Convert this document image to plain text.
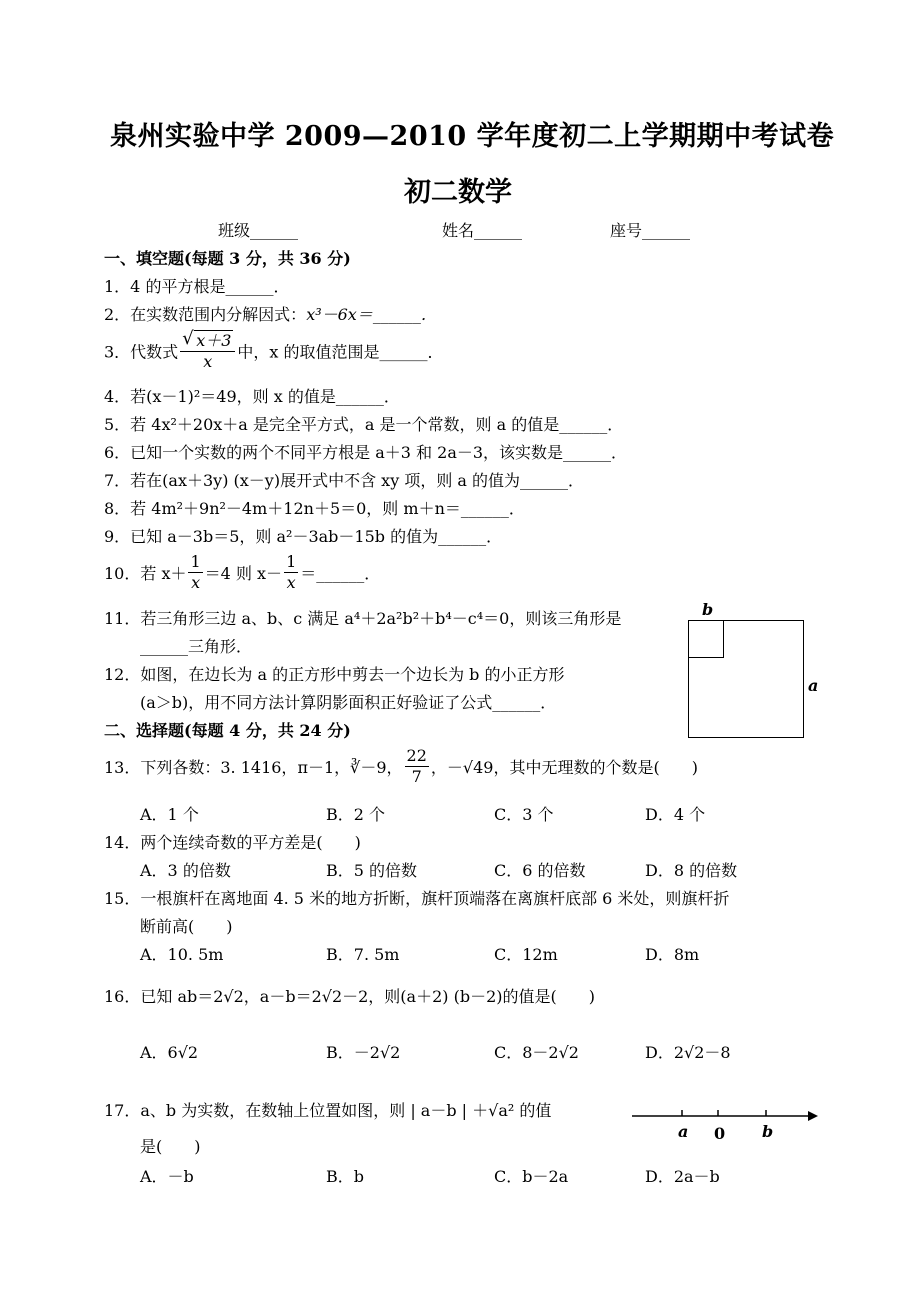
泉州实验中学 2009—2010 学年度初二上学期期中考试卷
初二数学
班级______	姓名______	座号______
一、填空题(每题 3 分，共 36 分)
1．4 的平方根是______．
2．在实数范围内分解因式：x³－6x＝______．
3．代数式
√ $\frac{x+3}{x}$ 中，x 的取值范围是______．
4．若(x－1)²＝49，则 x 的值是______．
5．若 4x²＋20x＋a 是完全平方式，a 是一个常数，则 a 的值是______．
6．已知一个实数的两个不同平方根是 a＋3 和 2a－3，该实数是______．
7．若在(ax＋3y) (x－y)展开式中不含 xy 项，则 a 的值为______．
8．若 4m²＋9n²－4m＋12n＋5＝0，则 m＋n＝______．
9．已知 a－3b＝5，则 a²－3ab－15b 的值为______．
10．若 $x+ \frac{1}{x} =4$ 则 $x- \frac{1}{x}$ ＝______．
11．若三角形三边 a、b、c 满足 a⁴＋2a²b²＋b⁴－c⁴＝0，则该三角形是
______三角形．
12．如图，在边长为 a 的正方形中剪去一个边长为 b 的小正方形
(a＞b)，用不同方法计算阴影面积正好验证了公式______．
b
a
二、选择题(每题 4 分，共 24 分)
13．下列各数：3. 1416，π－1，∛－9， $\frac{22}{7}$ ，－√49，其中无理数的个数是(　　)
A．1 个	B．2 个	C．3 个	D．4 个
14．两个连续奇数的平方差是(　　)
A．3 的倍数	B．5 的倍数	C．6 的倍数	D．8 的倍数
15．一根旗杆在离地面 4. 5 米的地方折断，旗杆顶端落在离旗杆底部 6 米处，则旗杆折
断前高(　　)
A．10. 5m	B．7. 5m	C．12m	D．8m
16．已知 ab＝2√2，a－b＝2√2－2，则(a＋2) (b－2)的值是(　　)
A．6√2	B．－2√2	C．8－2√2	D．2√2－8
17．a、b 为实数，在数轴上位置如图，则 | a－b | ＋√a² 的值
是(　　)
A．－b	B．b	C．b－2a	D．2a－b
a 0 b
